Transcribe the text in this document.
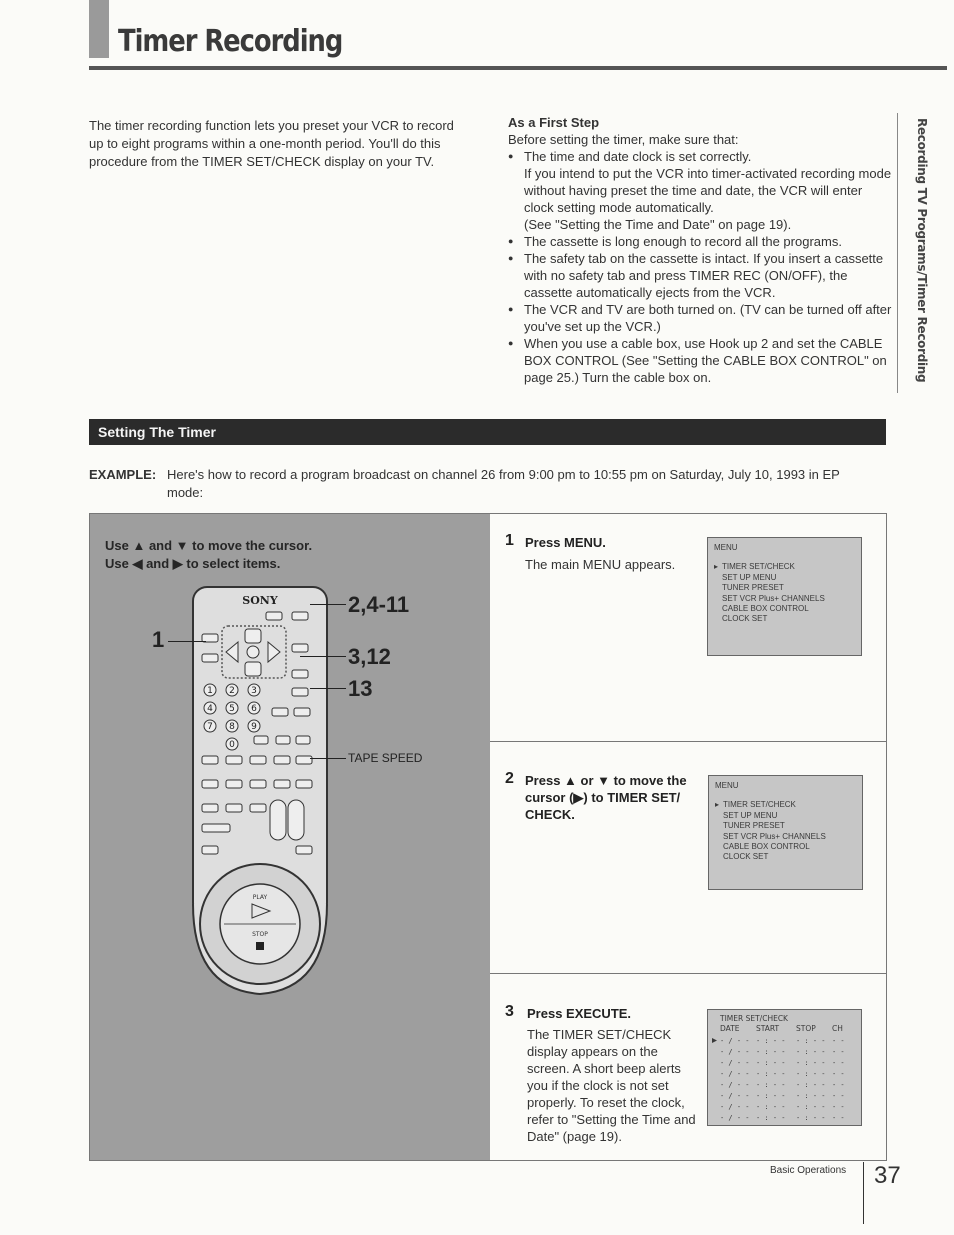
Timer Recording

The timer recording function lets you preset your VCR to record up to eight programs within a one-month period. You'll do this procedure from the TIMER SET/CHECK display on your TV.

As a First Step

Before setting the timer, make sure that:

● The time and date clock is set correctly.
If you intend to put the VCR into timer-activated recording mode without having preset the time and date, the VCR will enter clock setting mode automatically.
(See "Setting the Time and Date" on page 19).
● The cassette is long enough to record all the programs.
● The safety tab on the cassette is intact. If you insert a cassette with no safety tab and press TIMER REC (ON/OFF), the cassette automatically ejects from the VCR.
● The VCR and TV are both turned on. (TV can be turned off after you've set up the VCR.)
● When you use a cable box, use Hook up 2 and set the CABLE BOX CONTROL (See "Setting the CABLE BOX CONTROL" on page 25.) Turn the cable box on.	Recording TV Programs/Timer Recording
Setting The Timer
EXAMPLE: Here's how to record a program broadcast on channel 26 from 9:00 pm to 10:55 pm on Saturday, July 10, 1993 in EP mode:
Use ▲ and ▼ to move the cursor.
Use ◀ and ▶ to select items.
SONY
1 2 3
4 5 6
7 8 9
0
PLAY
STOP
1
2,4-11
3,12
13
TAPE SPEED
1 Press MENU.
The main MENU appears.
MENU
▸ TIMER SET/CHECK
SET UP MENU
TUNER PRESET
SET VCR Plus+ CHANNELS
CABLE BOX CONTROL
CLOCK SET
2 Press ▲ or ▼ to move the cursor (▶) to TIMER SET/ CHECK.
MENU
▸ TIMER SET/CHECK
SET UP MENU
TUNER PRESET
SET VCR Plus+ CHANNELS
CABLE BOX CONTROL
CLOCK SET
3 Press EXECUTE.
The TIMER SET/CHECK display appears on the screen. A short beep alerts you if the clock is not set properly. To reset the clock, refer to "Setting the Time and Date" (page 19).
TIMER SET/CHECK
DATE START STOP CH
- / - - - : - - - : - - - -
- / - - - : - - - : - - - -
- / - - - : - - - : - - - -
- / - - - : - - - : - - - -
- / - - - : - - - : - - - -
- / - - - : - - - : - - - -
- / - - - : - - - : - - - -
- / - - - : - - - : - - - -
Basic Operations 37
